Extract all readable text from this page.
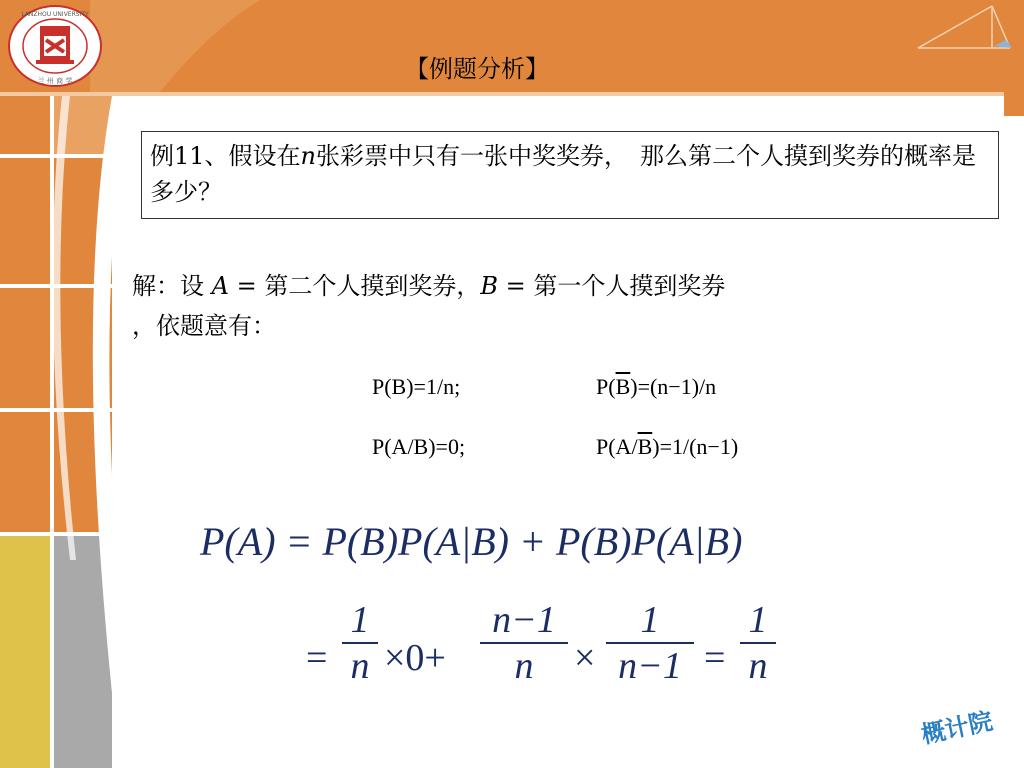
LANZHOU UNIVERSITY
兰 州 商 学	【例题分析】
例11、假设在n张彩票中只有一张中奖奖券，　那么第二个人摸到奖券的概率是多少？
解：设 A = 第二个人摸到奖券，B = 第一个人摸到奖券
，依题意有：
P(B)=1/n;	$P(\overline{B})=(n-1)/n$
P(A/B)=0;	$P(A/\overline{B})=1/(n-1)$
P(A) = P(B)P(A|B) + P(B)P(A|B)
=
1
n ×0+
n−1
n	×
1
n−1 =
1
n
概计院
